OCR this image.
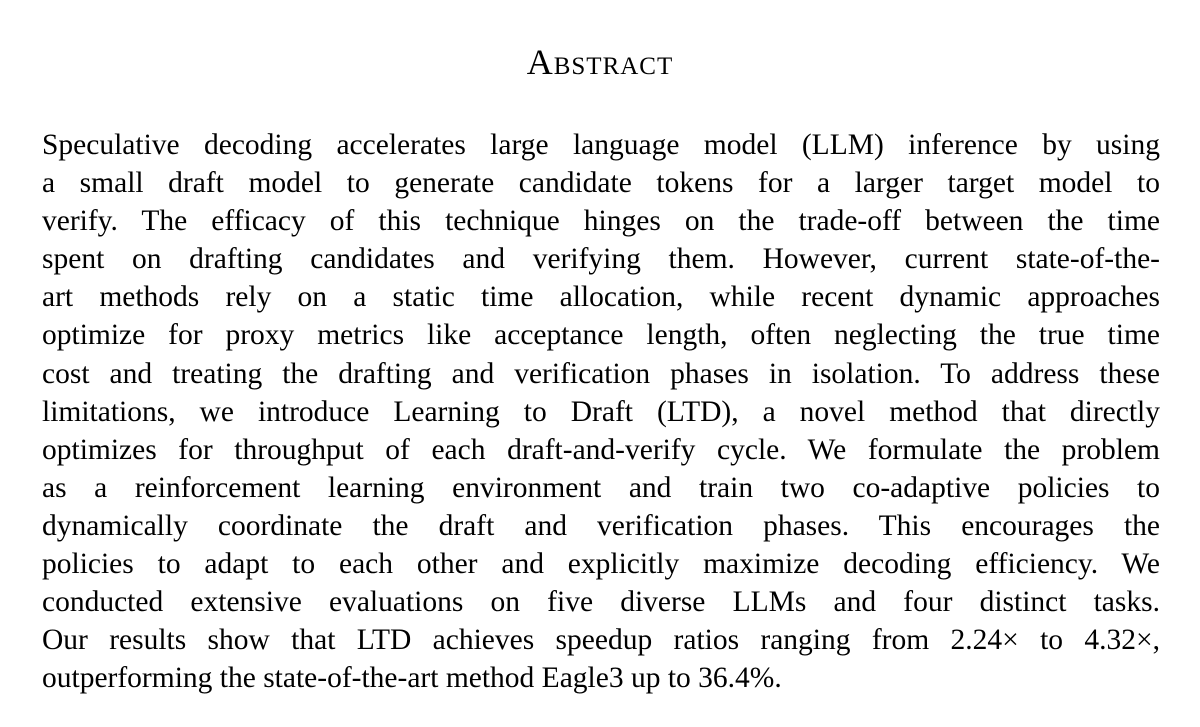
Abstract
Speculative decoding accelerates large language model (LLM) inference by using
a small draft model to generate candidate tokens for a larger target model to
verify. The efficacy of this technique hinges on the trade-off between the time
spent on drafting candidates and verifying them. However, current state-of-the-
art methods rely on a static time allocation, while recent dynamic approaches
optimize for proxy metrics like acceptance length, often neglecting the true time
cost and treating the drafting and verification phases in isolation. To address these
limitations, we introduce Learning to Draft (LTD), a novel method that directly
optimizes for throughput of each draft-and-verify cycle. We formulate the problem
as a reinforcement learning environment and train two co-adaptive policies to
dynamically coordinate the draft and verification phases. This encourages the
policies to adapt to each other and explicitly maximize decoding efficiency. We
conducted extensive evaluations on five diverse LLMs and four distinct tasks.
Our results show that LTD achieves speedup ratios ranging from 2.24× to 4.32×,
outperforming the state-of-the-art method Eagle3 up to 36.4%.
